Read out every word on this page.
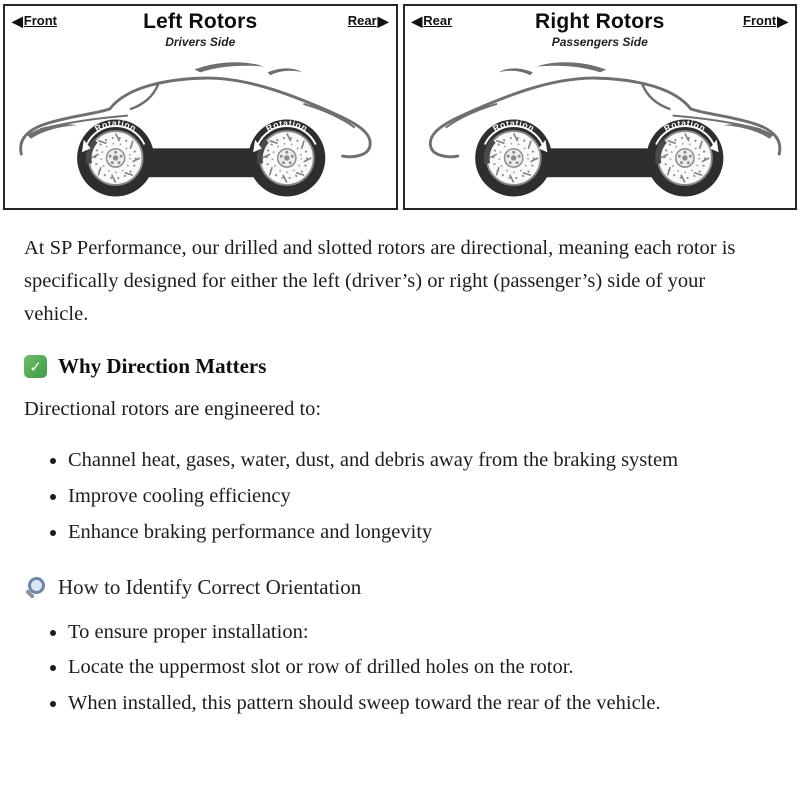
◀ Front	Left Rotors
Drivers Side
Rear ▶
Rotation	Rotation
◀ Rear	Right Rotors
Passengers Side
Front ▶
Rotation	Rotation

At SP Performance, our drilled and slotted rotors are directional, meaning each rotor is specifically designed for either the left (driver’s) or right (passenger’s) side of your vehicle.

✓ Why Direction Matters

Directional rotors are engineered to:

• Channel heat, gases, water, dust, and debris away from the braking system
• Improve cooling efficiency
• Enhance braking performance and longevity
How to Identify Correct Orientation
• To ensure proper installation:
• Locate the uppermost slot or row of drilled holes on the rotor.
• When installed, this pattern should sweep toward the rear of the vehicle.
